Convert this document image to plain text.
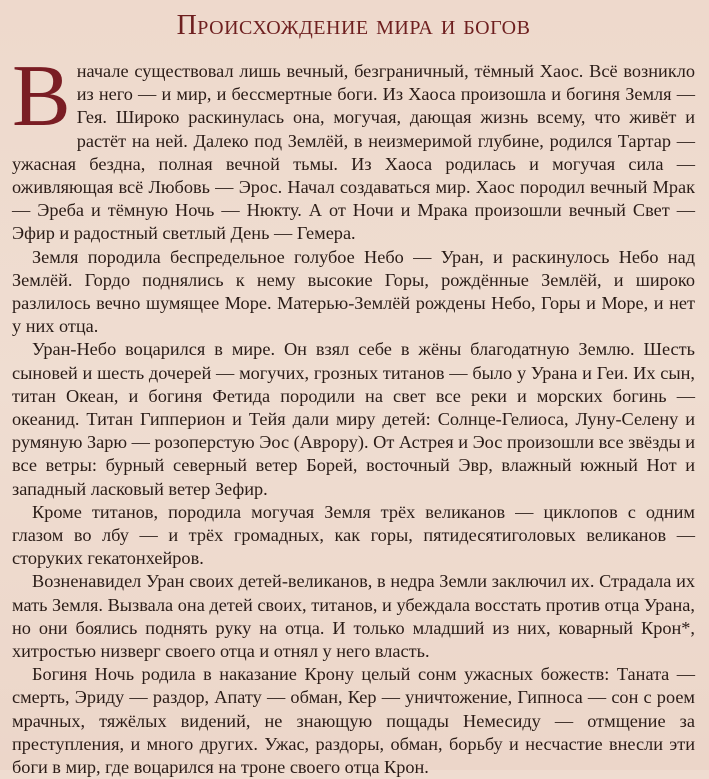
Происхождение мира и богов

Вначале существовал лишь вечный, безграничный, тёмный Хаос. Всё возникло из него — и мир, и бессмертные боги. Из Хаоса произошла и богиня Земля — Гея. Широко раскинулась она, могучая, дающая жизнь всему, что живёт и растёт на ней. Далеко под Землёй, в неизмеримой глубине, родился Тартар — ужасная бездна, полная вечной тьмы. Из Хаоса родилась и могучая сила — оживляющая всё Любовь — Эрос. Начал создаваться мир. Хаос породил вечный Мрак — Эреба и тёмную Ночь — Нюкту. А от Ночи и Мрака произошли вечный Свет — Эфир и радостный светлый День — Гемера.

Земля породила беспредельное голубое Небо — Уран, и раскинулось Небо над Землёй. Гордо поднялись к нему высокие Горы, рождённые Землёй, и широко разлилось вечно шумящее Море. Матерью-Землёй рождены Небо, Горы и Море, и нет у них отца.

Уран-Небо воцарился в мире. Он взял себе в жёны благодатную Землю. Шесть сыновей и шесть дочерей — могучих, грозных титанов — было у Урана и Геи. Их сын, титан Океан, и богиня Фетида породили на свет все реки и морских богинь — океанид. Титан Гипперион и Тейя дали миру детей: Солнце-Гелиоса, Луну-Селену и румяную Зарю — розоперстую Эос (Аврору). От Астрея и Эос произошли все звёзды и все ветры: бурный северный ветер Борей, восточный Эвр, влажный южный Нот и западный ласковый ветер Зефир.

Кроме титанов, породила могучая Земля трёх великанов — циклопов с одним глазом во лбу — и трёх громадных, как горы, пятидесятиголовых великанов — сторуких гекатонхейров.

Возненавидел Уран своих детей-великанов, в недра Земли заключил их. Страдала их мать Земля. Вызвала она детей своих, титанов, и убеждала восстать против отца Урана, но они боялись поднять руку на отца. И только младший из них, коварный Крон*, хитростью низверг своего отца и отнял у него власть.

Богиня Ночь родила в наказание Крону целый сонм ужасных божеств: Танатa — смерть, Эриду — раздор, Апату — обман, Кер — уничтожение, Гипноса — сон с роем мрачных, тяжёлых видений, не знающую пощады Немесиду — отмщение за преступления, и много других. Ужас, раздоры, обман, борьбу и несчастие внесли эти боги в мир, где воцарился на троне своего отца Крон.
